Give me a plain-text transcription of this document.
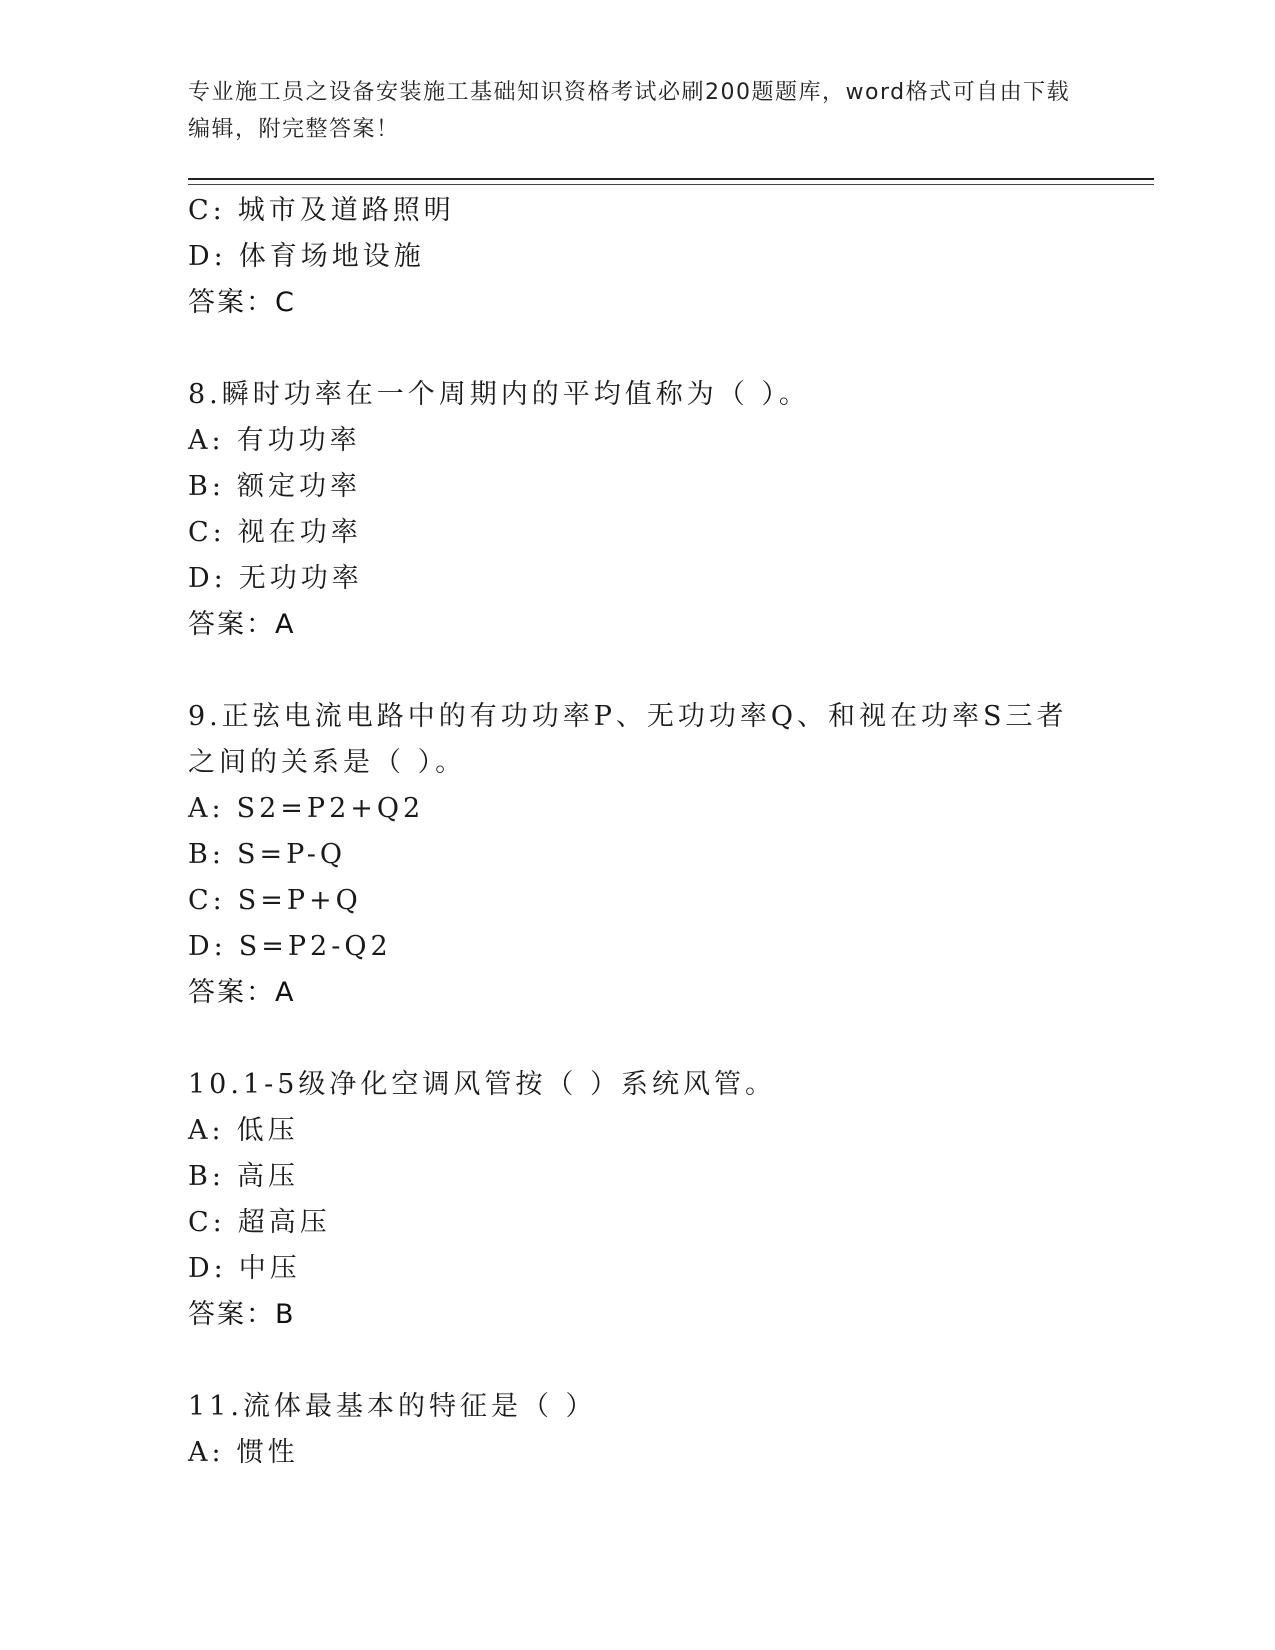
专业施工员之设备安装施工基础知识资格考试必刷200题题库，word格式可自由下载编辑，附完整答案！
C: 城市及道路照明
D: 体育场地设施
答案：C
8.瞬时功率在一个周期内的平均值称为（ ）。
A: 有功功率
B: 额定功率
C: 视在功率
D: 无功功率
答案：A
9.正弦电流电路中的有功功率P、无功功率Q、和视在功率S三者之间的关系是（ ）。
A: S2=P2+Q2
B: S=P-Q
C: S=P+Q
D: S=P2-Q2
答案：A
10.1-5级净化空调风管按（ ）系统风管。
A: 低压
B: 高压
C: 超高压
D: 中压
答案：B
11.流体最基本的特征是（ ）
A: 惯性
